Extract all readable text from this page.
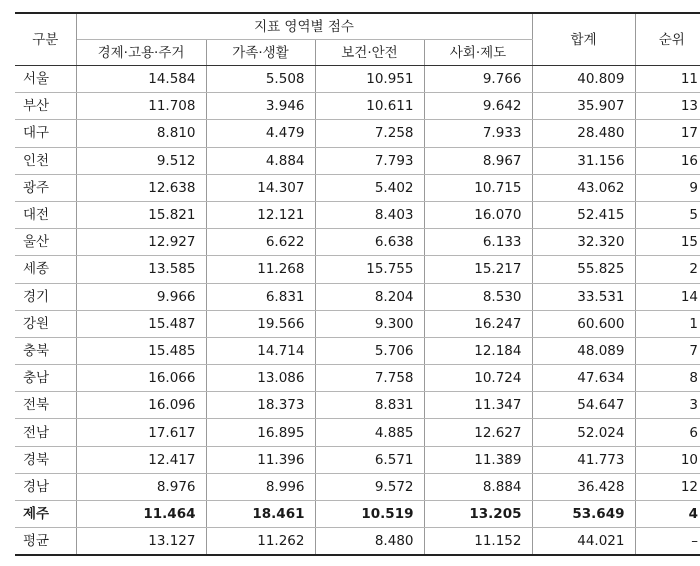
구분	지표 영역별 점수				합계	순위
	경제·고용·주거	가족·생활	보건·안전	사회·제도		
서울	14.584	5.508	10.951	9.766	40.809	11
부산	11.708	3.946	10.611	9.642	35.907	13
대구	8.810	4.479	7.258	7.933	28.480	17
인천	9.512	4.884	7.793	8.967	31.156	16
광주	12.638	14.307	5.402	10.715	43.062	9
대전	15.821	12.121	8.403	16.070	52.415	5
울산	12.927	6.622	6.638	6.133	32.320	15
세종	13.585	11.268	15.755	15.217	55.825	2
경기	9.966	6.831	8.204	8.530	33.531	14
강원	15.487	19.566	9.300	16.247	60.600	1
충북	15.485	14.714	5.706	12.184	48.089	7
충남	16.066	13.086	7.758	10.724	47.634	8
전북	16.096	18.373	8.831	11.347	54.647	3
전남	17.617	16.895	4.885	12.627	52.024	6
경북	12.417	11.396	6.571	11.389	41.773	10
경남	8.976	8.996	9.572	8.884	36.428	12
제주	11.464	18.461	10.519	13.205	53.649	4
평균	13.127	11.262	8.480	11.152	44.021	–
